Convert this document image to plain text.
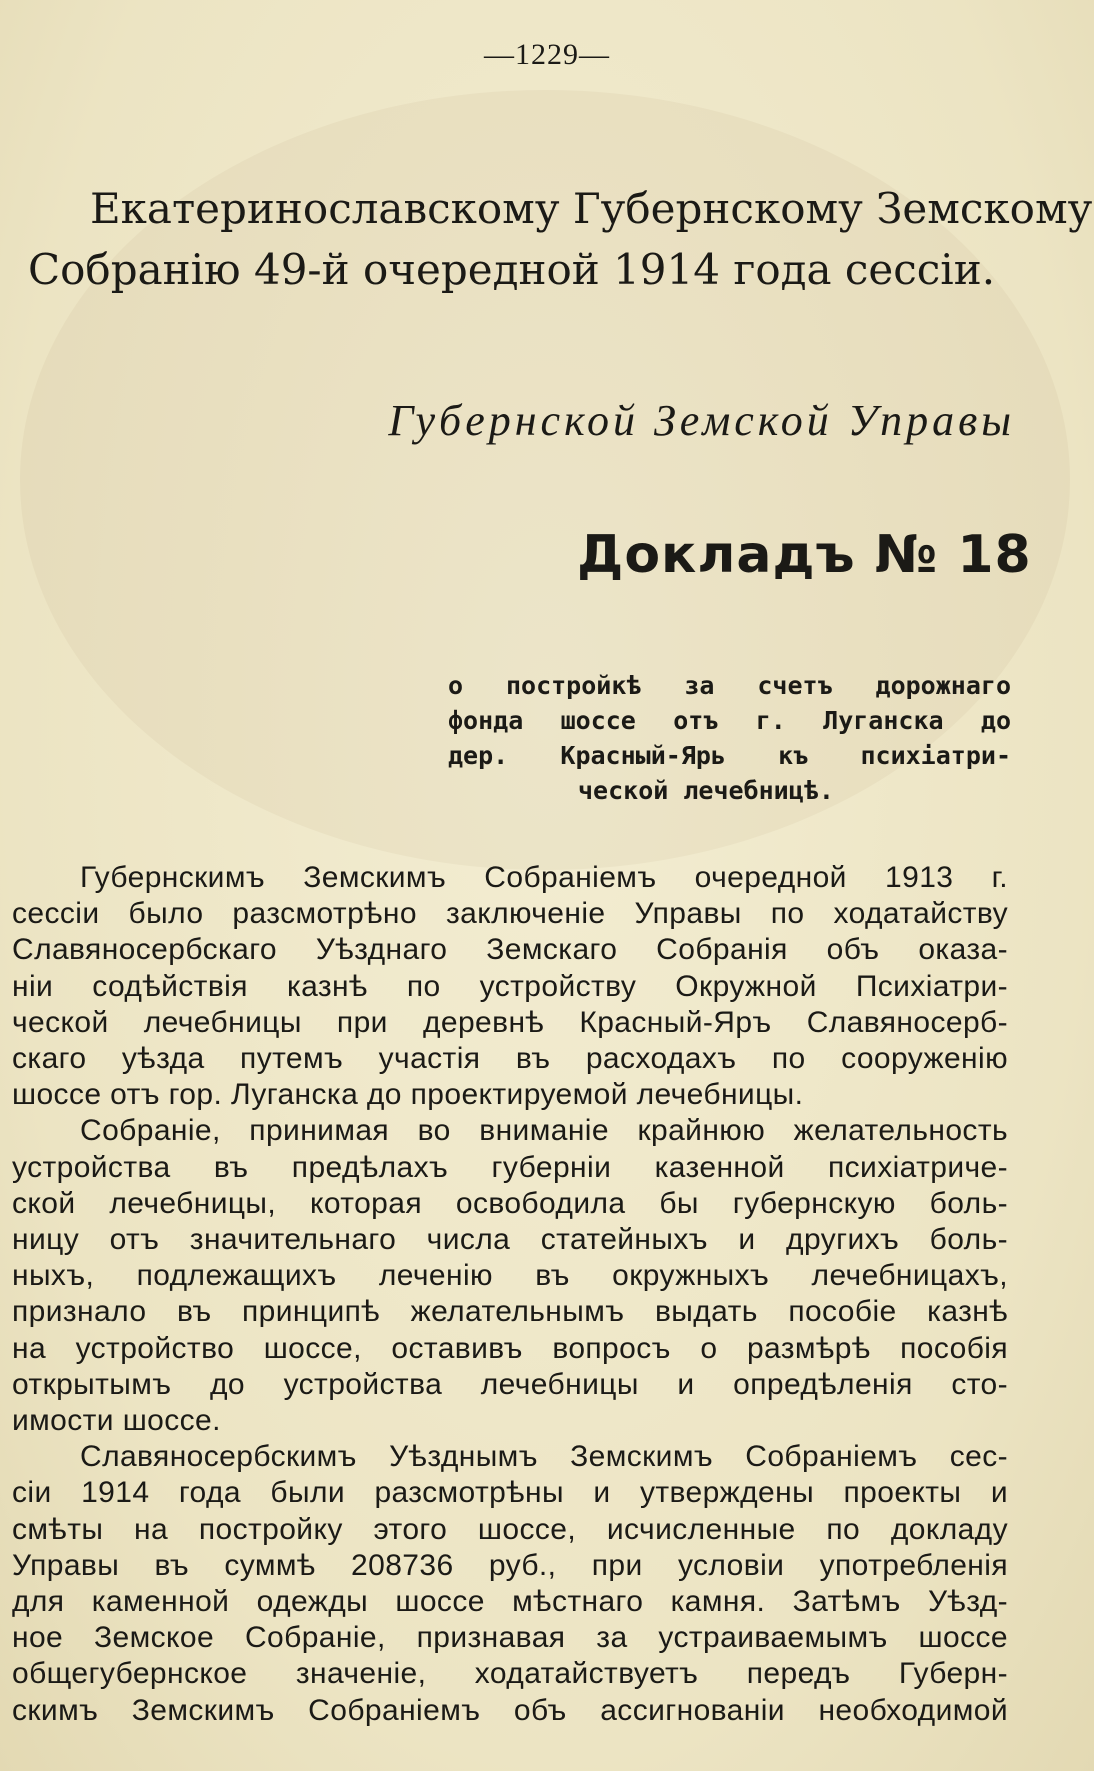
—1229—
Екатеринославскому Губернскому Земскому
Собранію 49-й очередной 1914 года сессіи.
Губернской Земской Управы
Докладъ № 18
о постройкѣ за счетъ дорожнаго
фонда шоссе отъ г. Луганска до
дер. Красный-Ярь къ психіатри-
ческой лечебницѣ.

Губернскимъ Земскимъ Собраніемъ очередной 1913 г.
сессіи было разсмотрѣно заключеніе Управы по ходатайству
Славяносербскаго Уѣзднаго Земскаго Собранія объ оказа-
ніи содѣйствія казнѣ по устройству Окружной Психіатри-
ческой лечебницы при деревнѣ Красный-Яръ Славяносерб-
скаго уѣзда путемъ участія въ расходахъ по сооруженію
шоссе отъ гор. Луганска до проектируемой лечебницы.

Собраніе, принимая во вниманіе крайнюю желательность
устройства въ предѣлахъ губерніи казенной психіатриче-
ской лечебницы, которая освободила бы губернскую боль-
ницу отъ значительнаго числа статейныхъ и другихъ боль-
ныхъ, подлежащихъ леченію въ окружныхъ лечебницахъ,
признало въ принципѣ желательнымъ выдать пособіе казнѣ
на устройство шоссе, оставивъ вопросъ о размѣрѣ пособія
открытымъ до устройства лечебницы и опредѣленія сто-
имости шоссе.

Славяносербскимъ Уѣзднымъ Земскимъ Собраніемъ сес-
сіи 1914 года были разсмотрѣны и утверждены проекты и
смѣты на постройку этого шоссе, исчисленные по докладу
Управы въ суммѣ 208736 руб., при условіи употребленія
для каменной одежды шоссе мѣстнаго камня. Затѣмъ Уѣзд-
ное Земское Собраніе, признавая за устраиваемымъ шоссе
общегубернское значеніе, ходатайствуетъ передъ Губерн-
скимъ Земскимъ Собраніемъ объ ассигнованіи необходимой
